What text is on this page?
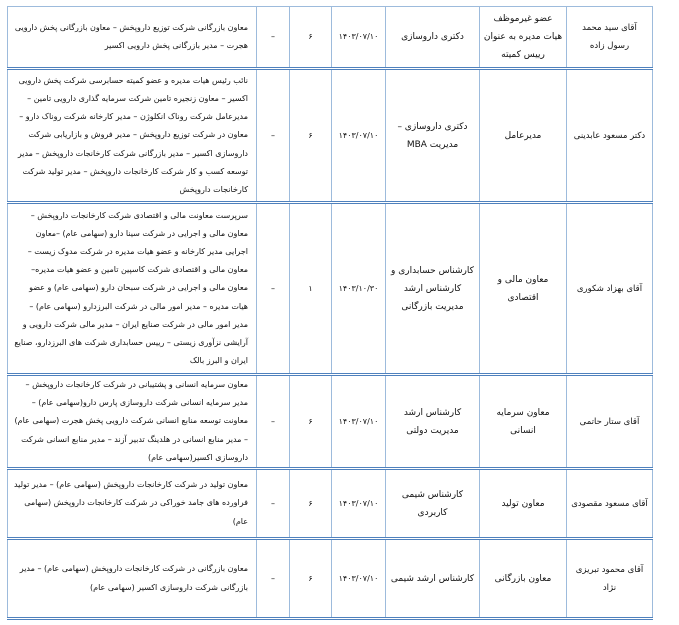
آقای سید محمد رسول زاده	عضو غیرموظف هیات مدیره به عنوان رییس کمیته	دکتری داروسازی	۱۴۰۳/۰۷/۱۰	۶	–	معاون بازرگانی شرکت توزیع داروپخش – معاون بازرگانی پخش دارویی هجرت – مدیر بازرگانی پخش دارویی اکسیر
دکتر مسعود عابدینی	مدیرعامل	دکتری داروسازی – مدیریت MBA	۱۴۰۳/۰۷/۱۰	۶	–	نائب رئیس هیات مدیره و عضو کمیته حسابرسی شرکت پخش دارویی اکسیر – معاون زنجیره تامین شرکت سرمایه گذاری دارویی تامین – مدیرعامل شرکت روناک انکلوژن – مدیر کارخانه شرکت روناک دارو – معاون در شرکت توزیع داروپخش – مدیر فروش و بازاریابی شرکت داروسازی اکسیر – مدیر بازرگانی شرکت کارخانجات داروپخش – مدیر توسعه کسب و کار شرکت کارخانجات داروپخش – مدیر تولید شرکت کارخانجات داروپخش
آقای بهزاد شکوری	معاون مالی و اقتصادی	کارشناس حسابداری و کارشناس ارشد مدیریت بازرگانی	۱۴۰۳/۱۰/۳۰	۱	–	سرپرست معاونت مالی و اقتصادی شرکت کارخانجات داروپخش – معاون مالی و اجرایی در شرکت سینا دارو (سهامی عام) –معاون اجرایی مدیر کارخانه و عضو هیات مدیره در شرکت مدوک زیست – معاون مالی و اقتصادی شرکت کاسپین تامین و عضو هیات مدیره– معاون مالی و اجرایی در شرکت سبحان دارو (سهامی عام) و عضو هیات مدیره – مدیر امور مالی در شرکت البرزدارو (سهامی عام) – مدیر امور مالی در شرکت صنایع ایران – مدیر مالی شرکت دارویی و آرایشی نزآوری زیستی – رییس حسابداری شرکت های البرزدارو، صنایع ایران و البرز بالک
آقای ستار حاتمی	معاون سرمایه انسانی	کارشناس ارشد مدیریت دولتی	۱۴۰۳/۰۷/۱۰	۶	–	معاون سرمایه انسانی و پشتیبانی در شرکت کارخانجات داروپخش – مدیر سرمایه انسانی شرکت داروسازی پارس دارو(سهامی عام) – معاونت توسعه منابع انسانی شرکت دارویی پخش هجرت (سهامی عام) – مدیر منابع انسانی در هلدینگ تدبیر آزند – مدیر منابع انسانی شرکت داروسازی اکسیر(سهامی عام)
آقای مسعود مقصودی	معاون تولید	کارشناس شیمی کاربردی	۱۴۰۳/۰۷/۱۰	۶	–	معاون تولید در شرکت کارخانجات داروپخش (سهامی عام) – مدیر تولید فراورده های جامد خوراکی در شرکت کارخانجات داروپخش (سهامی عام)
آقای محمود تبریزی نژاد	معاون بازرگانی	کارشناس ارشد شیمی	۱۴۰۳/۰۷/۱۰	۶	–	معاون بازرگانی در شرکت کارخانجات داروپخش (سهامی عام) – مدیر بازرگانی شرکت داروسازی اکسیر (سهامی عام)
